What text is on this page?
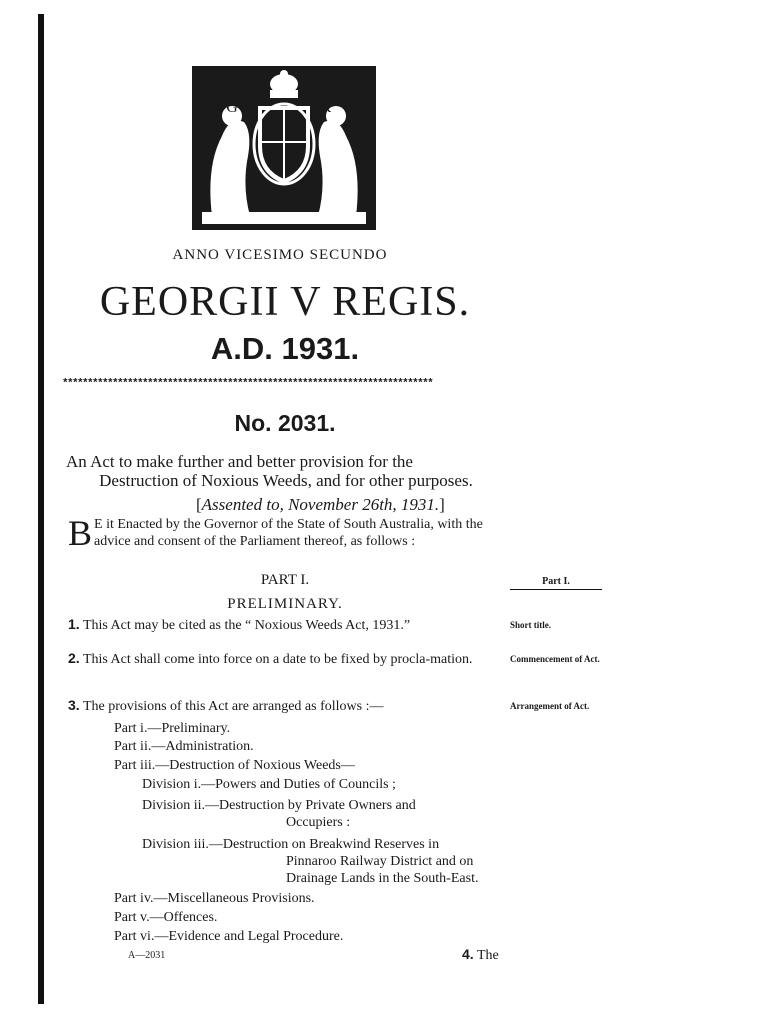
G	R
ANNO VICESIMO SECUNDO
GEORGII V REGIS.
A.D. 1931.
**************************************************************************
No. 2031.
An Act to make further and better provision for the
Destruction of Noxious Weeds, and for other purposes.
[Assented to, November 26th, 1931.]
B E it Enacted by the Governor of the State of South Australia, with the advice and consent of the Parliament thereof, as follows :
PART I.
PRELIMINARY.
Part I.
1. This Act may be cited as the “ Noxious Weeds Act, 1931.”	Short title.
2. This Act shall come into force on a date to be fixed by procla-mation.	Commencement of Act.
3. The provisions of this Act are arranged as follows :—	Arrangement of Act.
Part i.—Preliminary.
Part ii.—Administration.
Part iii.—Destruction of Noxious Weeds—
Division i.—Powers and Duties of Councils ;
Division ii.—Destruction by Private Owners and
Occupiers :
Division iii.—Destruction on Breakwind Reserves in
Pinnaroo Railway District and on
Drainage Lands in the South-East.
Part iv.—Miscellaneous Provisions.
Part v.—Offences.
Part vi.—Evidence and Legal Procedure.
A—2031	4. The
